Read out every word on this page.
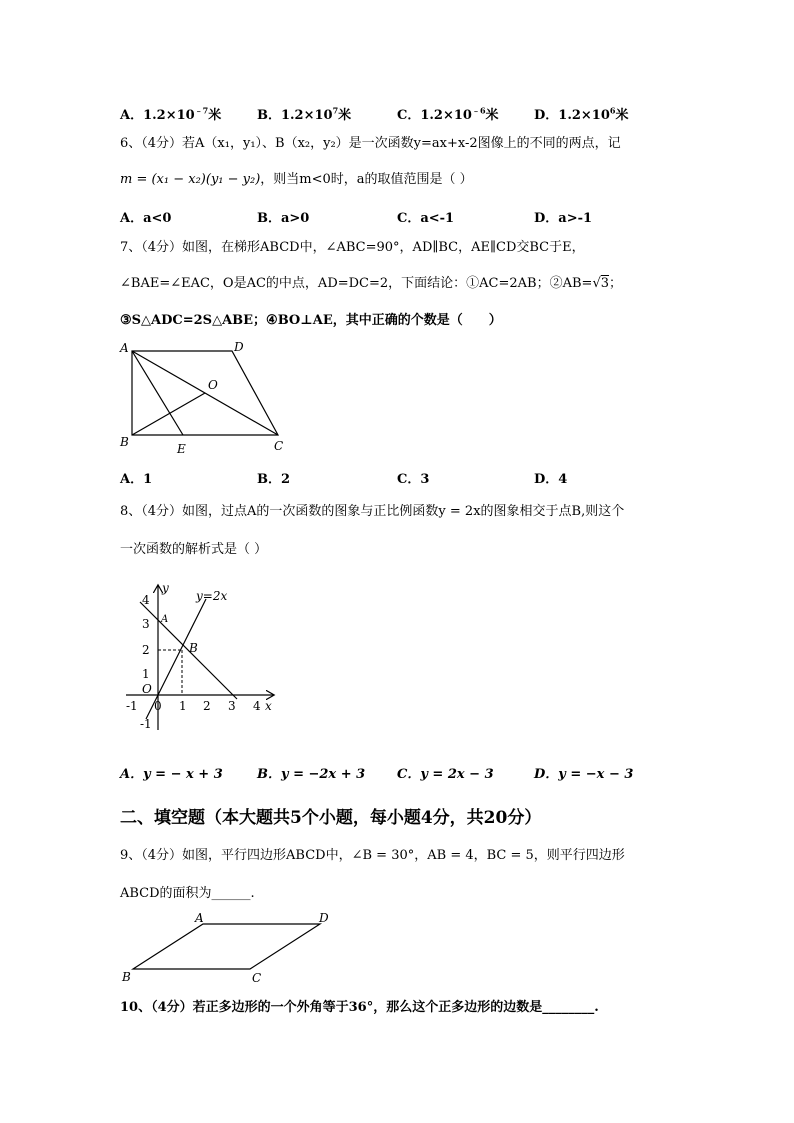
A．$1.2\times 10^{﹣7}$米	B．$1.2\times 10^7$米	C．$1.2\times 10^{﹣6}$米	D．$1.2\times 10^6$米
6、（4分）若A（x₁，y₁）、B（x₂，y₂）是一次函数y=ax+x-2图像上的不同的两点，记
m = (x₁ − x₂)(y₁ − y₂)，则当m<0时，a的取值范围是（ ）
A．a<0	B．a>0	C．a<-1	D．a>-1
7、（4分）如图，在梯形ABCD中，∠ABC=90°，AD∥BC，AE∥CD交BC于E，
∠BAE=∠EAC，O是AC的中点，AD=DC=2，下面结论：①AC=2AB；②AB=√3；
③S△ADC=2S△ABE；④BO⊥AE，其中正确的个数是（　　）
A	D
B	C
E
O
A．1	B．2	C．3	D．4
8、（4分）如图，过点A的一次函数的图象与正比例函数y = 2x的图象相交于点B,则这个
一次函数的解析式是（ ）
4
3
2
1
-1
-1 0 1 2 3 4
y
x
y=2x
O
A
B
A．y = − x + 3	B．y = −2x + 3 C．y = 2x − 3	D．y = −x − 3
二、填空题（本大题共5个小题，每小题4分，共20分）
9、（4分）如图，平行四边形ABCD中，∠B = 30°，AB = 4，BC = 5，则平行四边形
ABCD的面积为______.
A	D
B	C
10、（4分）若正多边形的一个外角等于36°，那么这个正多边形的边数是________.
